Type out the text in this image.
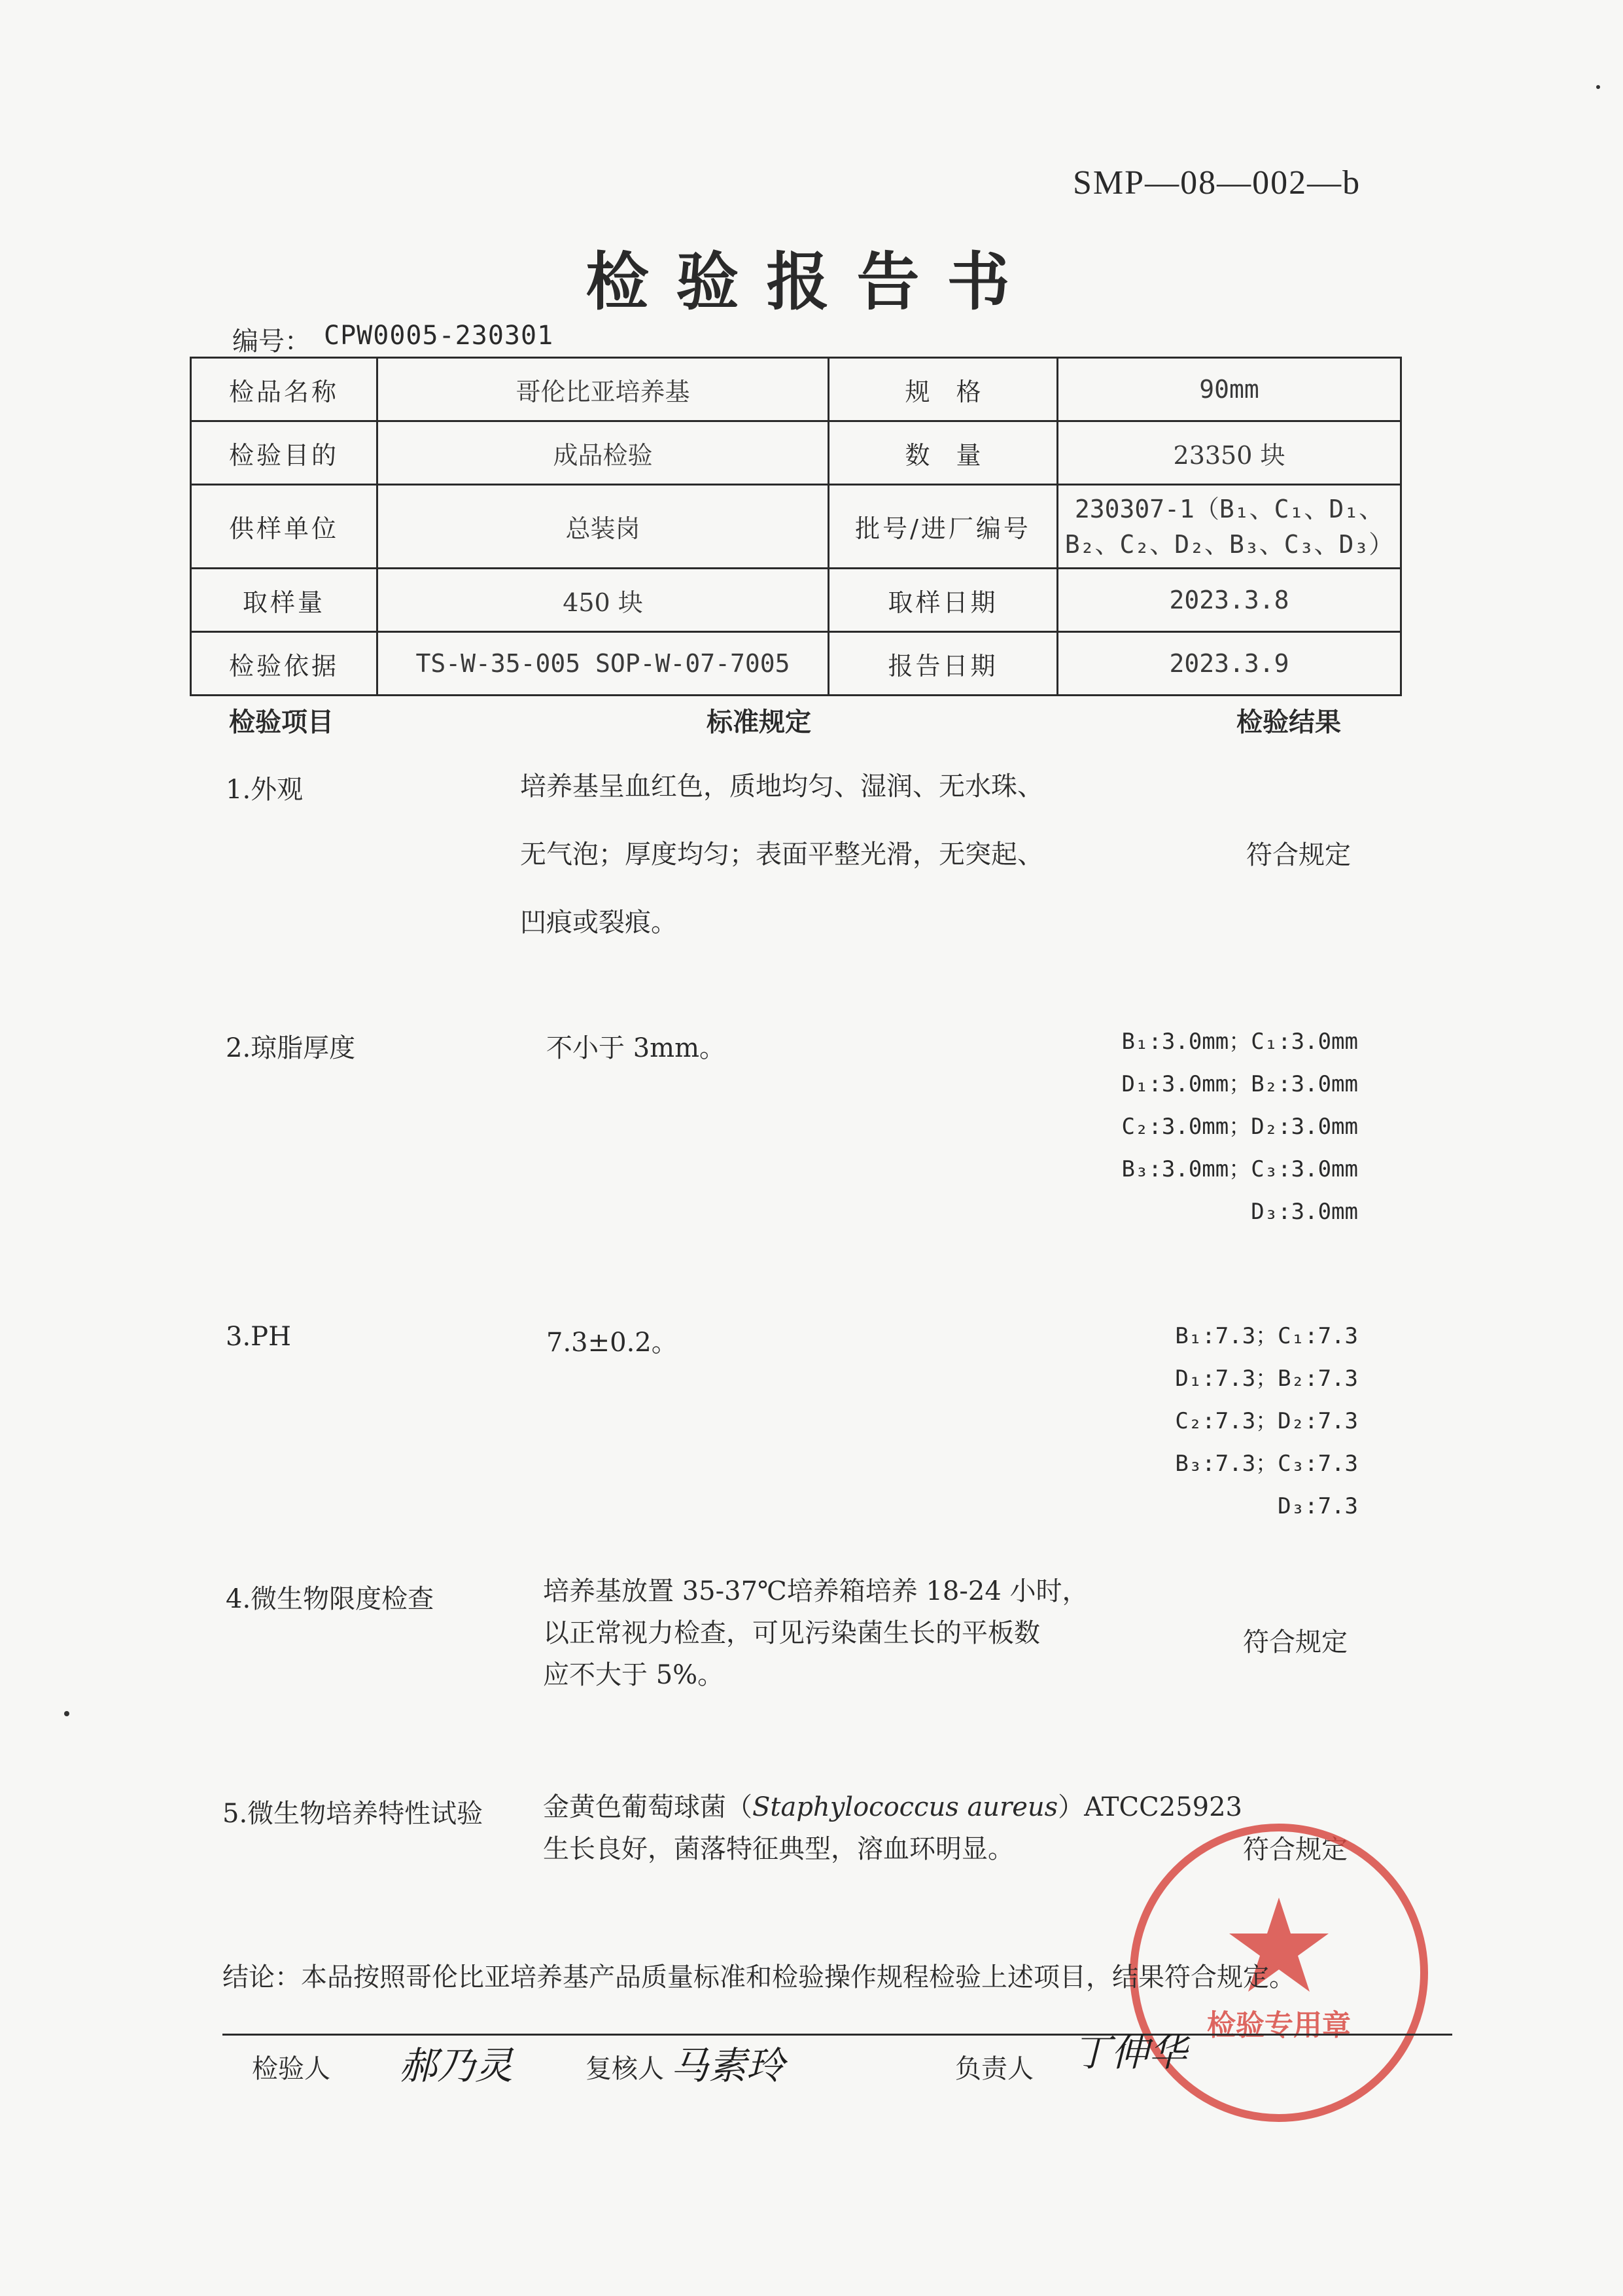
SMP—08—002—b
检验报告书
编号： CPW0005-230301
检品名称	哥伦比亚培养基	规格	90mm
检验目的	成品检验	数量	23350 块
供样单位	总装岗	批号/进厂编号	230307-1（B₁、C₁、D₁、
B₂、C₂、D₂、B₃、C₃、D₃）

取样量	450 块	取样日期	2023.3.8
检验依据	TS-W-35-005 SOP-W-07-7005	报告日期	2023.3.9
检验项目	标准规定	检验结果
1.外观	培养基呈血红色，质地均匀、湿润、无水珠、
无气泡；厚度均匀；表面平整光滑，无突起、
凹痕或裂痕。
符合规定
2.琼脂厚度	不小于 3mm。	B₁:3.0mm；C₁:3.0mm
D₁:3.0mm；B₂:3.0mm
C₂:3.0mm；D₂:3.0mm
B₃:3.0mm；C₃:3.0mm
D₃:3.0mm
3.PH	7.3±0.2。	B₁:7.3；C₁:7.3
D₁:7.3；B₂:7.3
C₂:7.3；D₂:7.3
B₃:7.3；C₃:7.3
D₃:7.3
4.微生物限度检查	培养基放置 35-37℃培养箱培养 18-24 小时，
以正常视力检查，可见污染菌生长的平板数
应不大于 5%。
符合规定
5.微生物培养特性试验 金黄色葡萄球菌（Staphylococcus aureus）ATCC25923
生长良好，菌落特征典型，溶血环明显。	符合规定
检验专用章
结论：本品按照哥伦比亚培养基产品质量标准和检验操作规程检验上述项目，结果符合规定。
检验人 郝乃灵	复核人 马素玲	负责人 丁伸华
